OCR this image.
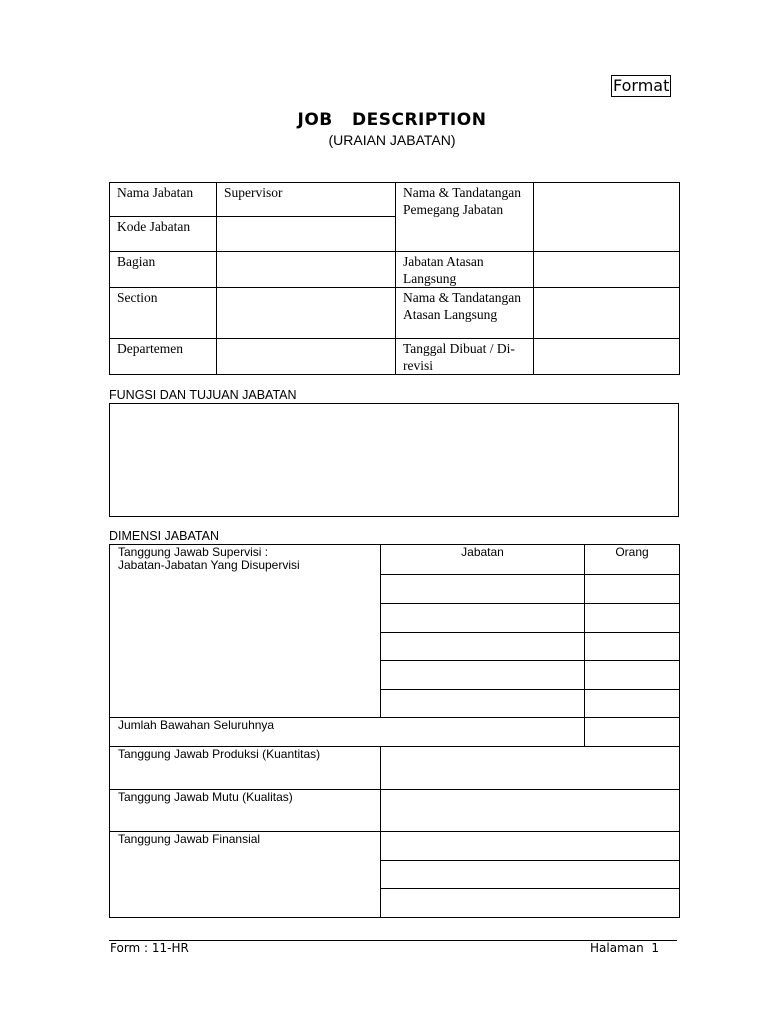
Format
JOB   DESCRIPTION
(URAIAN JABATAN)
Nama Jabatan	Supervisor	Nama & Tandatangan Pemegang Jabatan	
Kode Jabatan			
Bagian		Jabatan Atasan Langsung	
Section		Nama & Tandatangan Atasan Langsung	
Departemen		Tanggal Dibuat / Di-revisi	
FUNGSI DAN TUJUAN JABATAN
DIMENSI JABATAN
Tanggung Jawab Supervisi :
Jabatan-Jabatan Yang Disupervisi	Jabatan	Orang

Jumlah Bawahan Seluruhnya		
Tanggung Jawab Produksi (Kuantitas)		
Tanggung Jawab Mutu (Kualitas)		
Tanggung Jawab Finansial		

Form : 11-HR	Halaman  1
